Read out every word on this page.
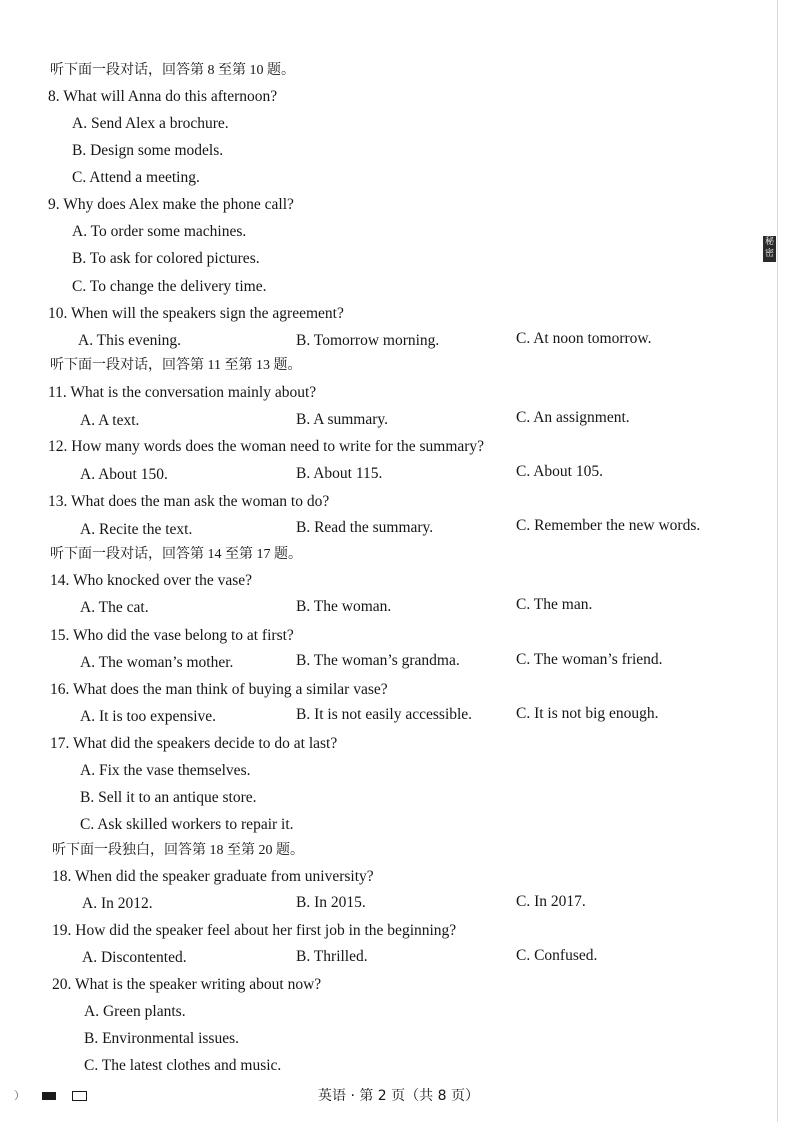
听下面一段对话，回答第 8 至第 10 题。
8. What will Anna do this afternoon?
A. Send Alex a brochure.
B. Design some models.
C. Attend a meeting.
9. Why does Alex make the phone call?
A. To order some machines.
B. To ask for colored pictures.
C. To change the delivery time.
10. When will the speakers sign the agreement?
A. This evening.	B. Tomorrow morning.	C. At noon tomorrow.
听下面一段对话，回答第 11 至第 13 题。
11. What is the conversation mainly about?
A. A text.	B. A summary.	C. An assignment.
12. How many words does the woman need to write for the summary?
A. About 150.	B. About 115.	C. About 105.
13. What does the man ask the woman to do?
A. Recite the text.	B. Read the summary.	C. Remember the new words.
听下面一段对话，回答第 14 至第 17 题。
14. Who knocked over the vase?
A. The cat.	B. The woman.	C. The man.
15. Who did the vase belong to at first?
A. The woman’s mother.	B. The woman’s grandma.	C. The woman’s friend.
16. What does the man think of buying a similar vase?
A. It is too expensive.	B. It is not easily accessible.	C. It is not big enough.
17. What did the speakers decide to do at last?
A. Fix the vase themselves.
B. Sell it to an antique store.
C. Ask skilled workers to repair it.
听下面一段独白，回答第 18 至第 20 题。
18. When did the speaker graduate from university?
A. In 2012.	B. In 2015.	C. In 2017.
19. How did the speaker feel about her first job in the beginning?
A. Discontented.	B. Thrilled.	C. Confused.
20. What is the speaker writing about now?
A. Green plants.
B. Environmental issues.
C. The latest clothes and music.
秘密
）	英语 · 第 2 页（共 8 页）
